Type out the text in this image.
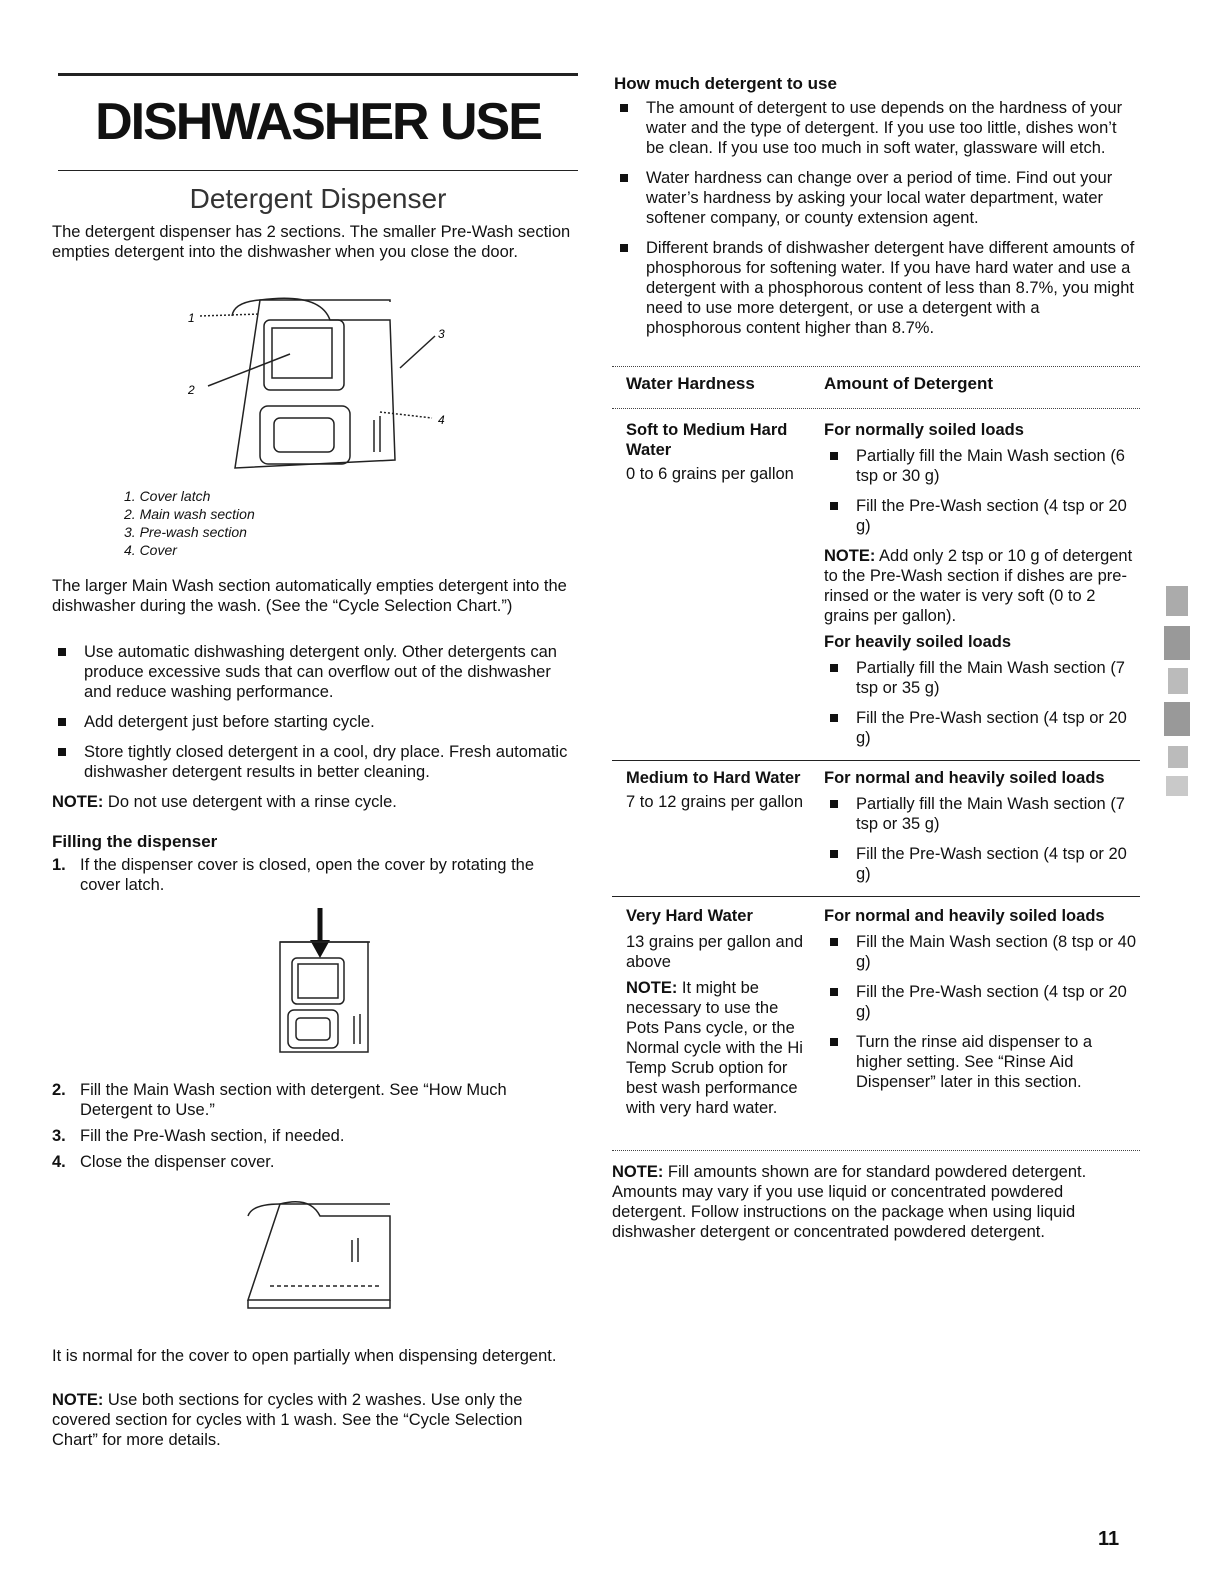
DISHWASHER USE
Detergent Dispenser
The detergent dispenser has 2 sections. The smaller Pre-Wash section empties detergent into the dishwasher when you close the door.
1
2
3
4
1. Cover latch
2. Main wash section
3. Pre-wash section
4. Cover
The larger Main Wash section automatically empties detergent into the dishwasher during the wash. (See the “Cycle Selection Chart.”)
Use automatic dishwashing detergent only. Other detergents can produce excessive suds that can overflow out of the dishwasher and reduce washing performance.
Add detergent just before starting cycle.
Store tightly closed detergent in a cool, dry place. Fresh automatic dishwasher detergent results in better cleaning.
NOTE: Do not use detergent with a rinse cycle.
Filling the dispenser
1. If the dispenser cover is closed, open the cover by rotating the cover latch.
2. Fill the Main Wash section with detergent. See “How Much Detergent to Use.”
3. Fill the Pre-Wash section, if needed.
4. Close the dispenser cover.
It is normal for the cover to open partially when dispensing detergent.
NOTE: Use both sections for cycles with 2 washes. Use only the covered section for cycles with 1 wash. See the “Cycle Selection Chart” for more details.
How much detergent to use
The amount of detergent to use depends on the hardness of your water and the type of detergent. If you use too little, dishes won’t be clean. If you use too much in soft water, glassware will etch.
Water hardness can change over a period of time. Find out your water’s hardness by asking your local water department, water softener company, or county extension agent.
Different brands of dishwasher detergent have different amounts of phosphorous for softening water. If you have hard water and use a detergent with a phosphorous content of less than 8.7%, you might need to use more detergent, or use a detergent with a phosphorous content higher than 8.7%.
Water Hardness	Amount of Detergent
Soft to Medium Hard Water
0 to 6 grains per gallon
For normally soiled loads
Partially fill the Main Wash section (6 tsp or 30 g)
Fill the Pre-Wash section (4 tsp or 20 g)
NOTE: Add only 2 tsp or 10 g of detergent to the Pre-Wash section if dishes are pre-rinsed or the water is very soft (0 to 2 grains per gallon).
For heavily soiled loads
Partially fill the Main Wash section (7 tsp or 35 g)
Fill the Pre-Wash section (4 tsp or 20 g)
Medium to Hard Water
7 to 12 grains per gallon
For normal and heavily soiled loads
Partially fill the Main Wash section (7 tsp or 35 g)
Fill the Pre-Wash section (4 tsp or 20 g)
Very Hard Water
13 grains per gallon and above
NOTE: It might be necessary to use the Pots Pans cycle, or the Normal cycle with the Hi Temp Scrub option for best wash performance with very hard water.
For normal and heavily soiled loads
Fill the Main Wash section (8 tsp or 40 g)
Fill the Pre-Wash section (4 tsp or 20 g)
Turn the rinse aid dispenser to a higher setting. See “Rinse Aid Dispenser” later in this section.
NOTE: Fill amounts shown are for standard powdered detergent. Amounts may vary if you use liquid or concentrated powdered detergent. Follow instructions on the package when using liquid dishwasher detergent or concentrated powdered detergent.
11
